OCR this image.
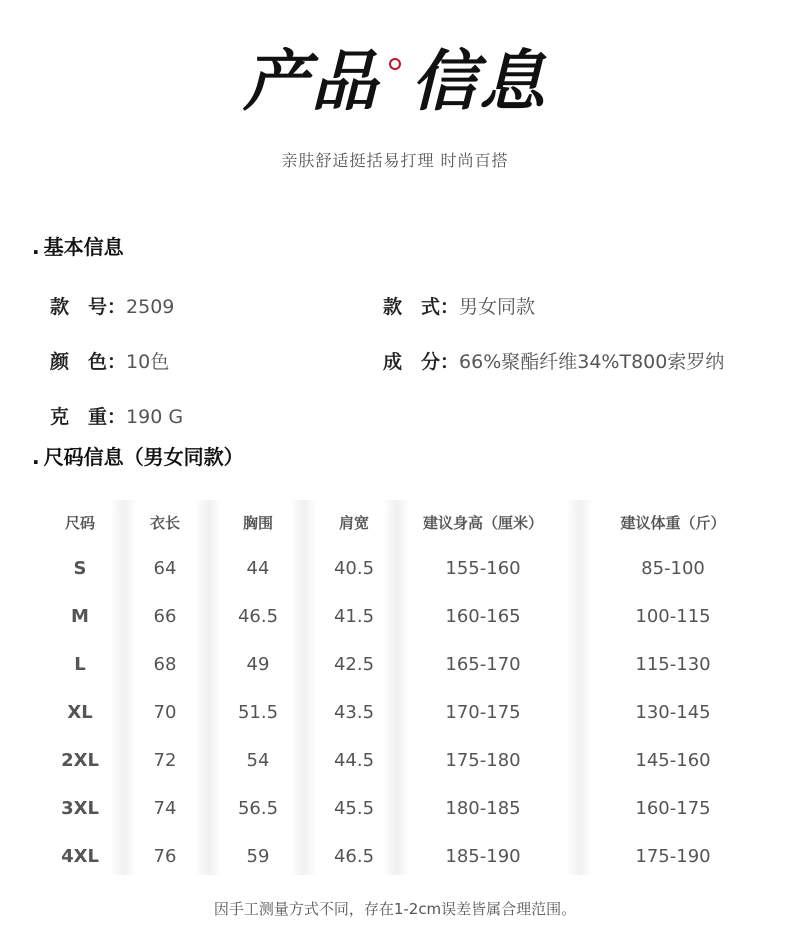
产品 信息
亲肤舒适挺括易打理 时尚百搭
. 基本信息
款　号：2509	款　式：男女同款
颜　色：10色	成　分：66%聚酯纤维34%T800索罗纳
克　重：190 G
. 尺码信息（男女同款）
尺码	衣长	胸围	肩宽	建议身高（厘米）	建议体重（斤）
S	64	44	40.5	155-160	85-100
M	66	46.5	41.5	160-165	100-115
L	68	49	42.5	165-170	115-130
XL	70	51.5	43.5	170-175	130-145
2XL	72	54	44.5	175-180	145-160
3XL	74	56.5	45.5	180-185	160-175
4XL	76	59	46.5	185-190	175-190
因手工测量方式不同，存在1-2cm误差皆属合理范围。
